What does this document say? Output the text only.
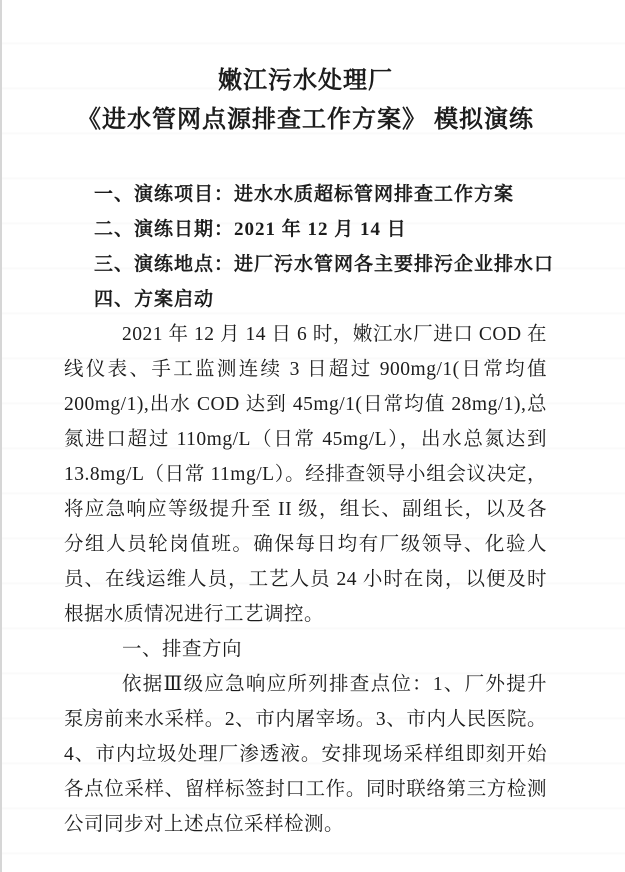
嫩江污水处理厂
《进水管网点源排查工作方案》 模拟演练

一、演练项目：进水水质超标管网排查工作方案

二、演练日期：2021 年 12 月 14 日

三、演练地点：进厂污水管网各主要排污企业排水口

四、方案启动

2021 年 12 月 14 日 6 时，嫩江水厂进口 COD 在线仪表、手工监测连续 3 日超过 900mg/1(日常均值 200mg/1),出水 COD 达到 45mg/1(日常均值 28mg/1),总氮进口超过 110mg/L（日常 45mg/L），出水总氮达到 13.8mg/L（日常 11mg/L）。经排查领导小组会议决定，将应急响应等级提升至 II 级，组长、副组长，以及各分组人员轮岗值班。确保每日均有厂级领导、化验人员、在线运维人员，工艺人员 24 小时在岗，以便及时根据水质情况进行工艺调控。

一、排查方向

依据Ⅲ级应急响应所列排查点位：1、厂外提升泵房前来水采样。2、市内屠宰场。3、市内人民医院。4、市内垃圾处理厂渗透液。安排现场采样组即刻开始各点位采样、留样标签封口工作。同时联络第三方检测公司同步对上述点位采样检测。
